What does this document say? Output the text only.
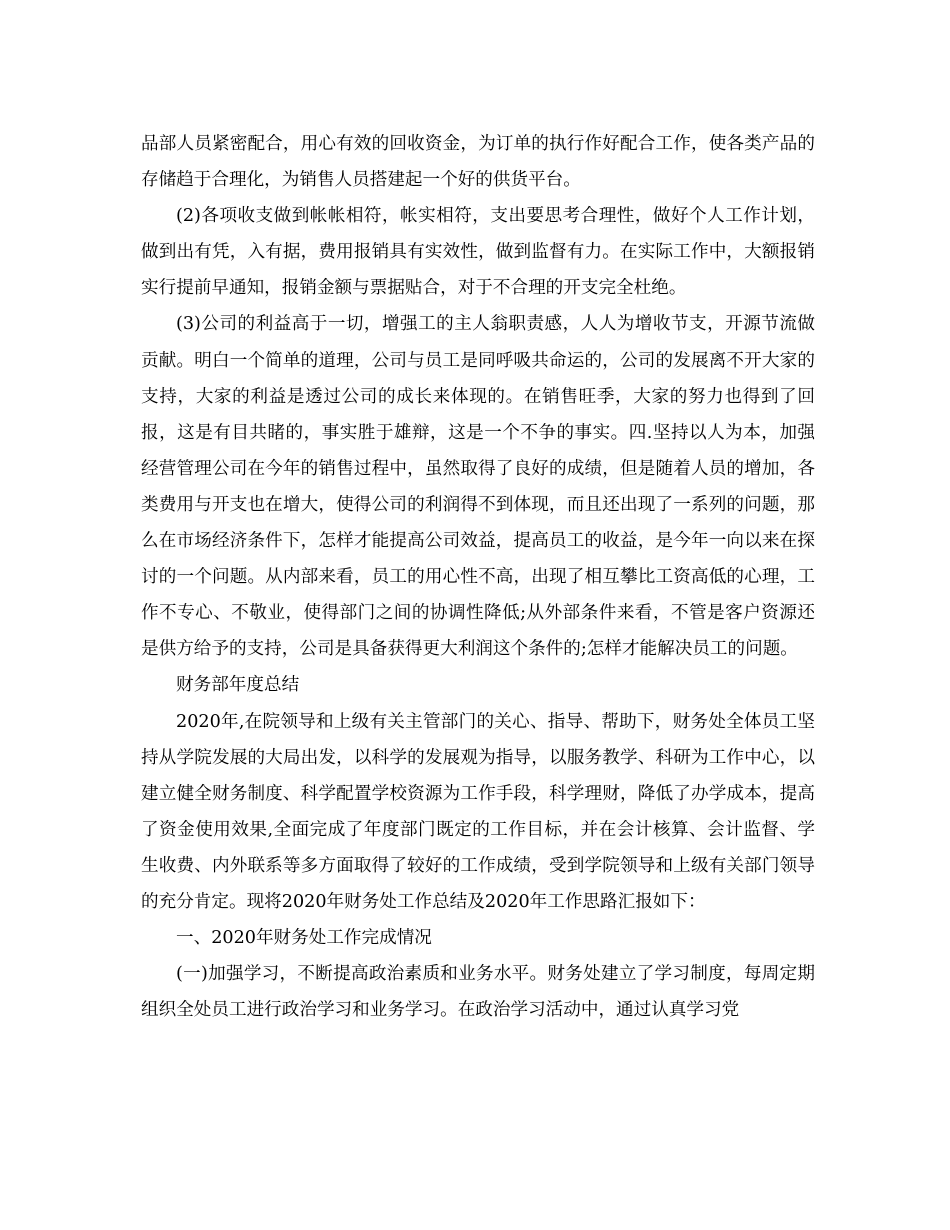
品部人员紧密配合，用心有效的回收资金，为订单的执行作好配合工作，使各类产品的存储趋于合理化，为销售人员搭建起一个好的供货平台。

(2)各项收支做到帐帐相符，帐实相符，支出要思考合理性，做好个人工作计划，做到出有凭，入有据，费用报销具有实效性，做到监督有力。在实际工作中，大额报销实行提前早通知，报销金额与票据贴合，对于不合理的开支完全杜绝。

(3)公司的利益高于一切，增强工的主人翁职责感，人人为增收节支，开源节流做贡献。明白一个简单的道理，公司与员工是同呼吸共命运的，公司的发展离不开大家的支持，大家的利益是透过公司的成长来体现的。在销售旺季，大家的努力也得到了回报，这是有目共睹的，事实胜于雄辩，这是一个不争的事实。四.坚持以人为本，加强经营管理公司在今年的销售过程中，虽然取得了良好的成绩，但是随着人员的增加，各类费用与开支也在增大，使得公司的利润得不到体现，而且还出现了一系列的问题，那么在市场经济条件下，怎样才能提高公司效益，提高员工的收益，是今年一向以来在探讨的一个问题。从内部来看，员工的用心性不高，出现了相互攀比工资高低的心理，工作不专心、不敬业，使得部门之间的协调性降低;从外部条件来看，不管是客户资源还是供方给予的支持，公司是具备获得更大利润这个条件的;怎样才能解决员工的问题。

财务部年度总结

2020年,在院领导和上级有关主管部门的关心、指导、帮助下，财务处全体员工坚持从学院发展的大局出发，以科学的发展观为指导，以服务教学、科研为工作中心，以建立健全财务制度、科学配置学校资源为工作手段，科学理财，降低了办学成本，提高了资金使用效果,全面完成了年度部门既定的工作目标，并在会计核算、会计监督、学生收费、内外联系等多方面取得了较好的工作成绩，受到学院领导和上级有关部门领导的充分肯定。现将2020年财务处工作总结及2020年工作思路汇报如下：

一、2020年财务处工作完成情况

(一)加强学习，不断提高政治素质和业务水平。财务处建立了学习制度，每周定期组织全处员工进行政治学习和业务学习。在政治学习活动中，通过认真学习党
